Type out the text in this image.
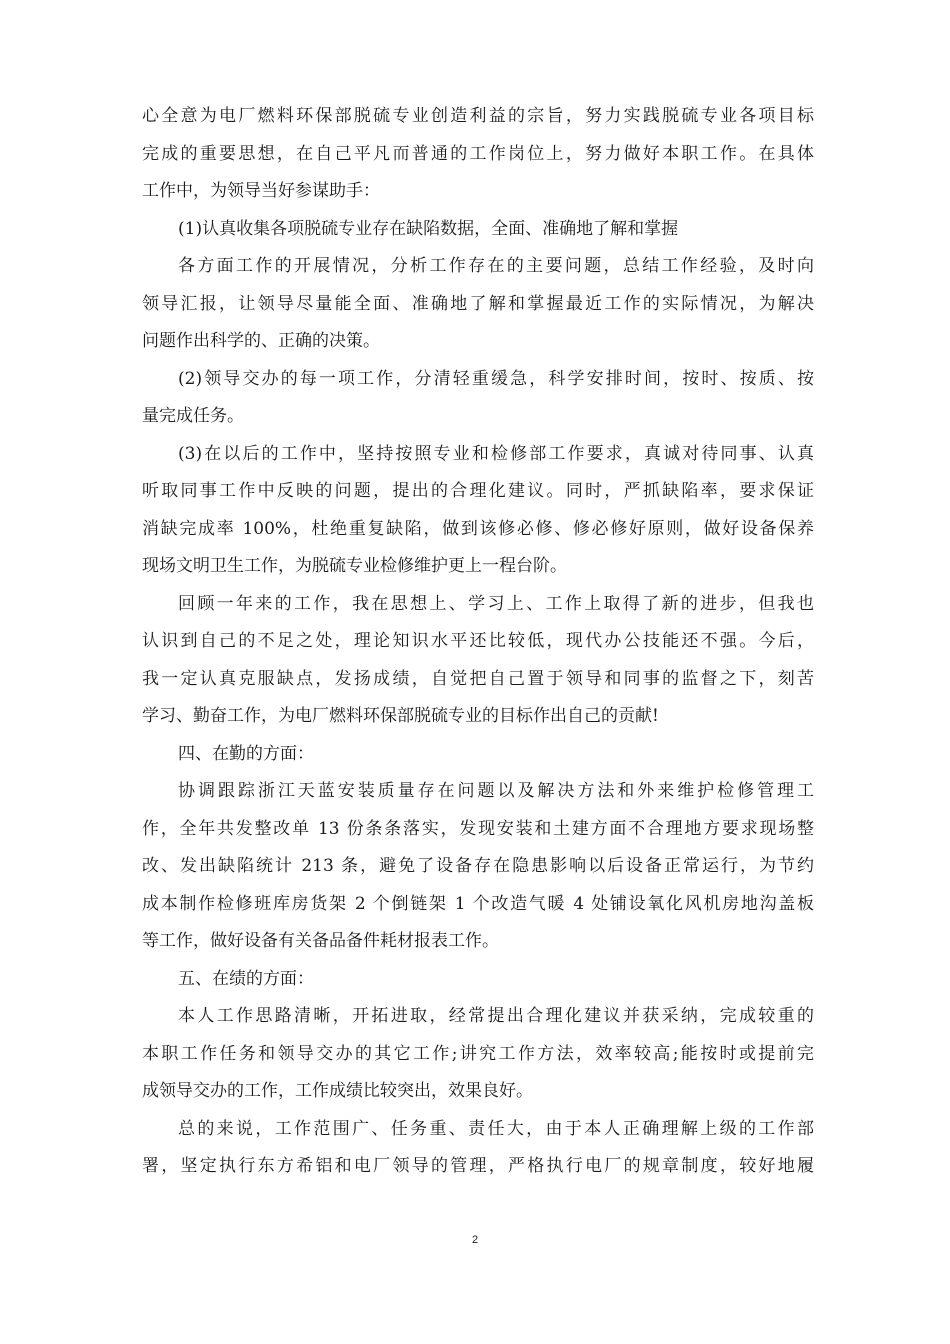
心全意为电厂燃料环保部脱硫专业创造利益的宗旨，努力实践脱硫专业各项目标
完成的重要思想，在自己平凡而普通的工作岗位上，努力做好本职工作。在具体
工作中，为领导当好参谋助手：
(1)认真收集各项脱硫专业存在缺陷数据，全面、准确地了解和掌握
各方面工作的开展情况，分析工作存在的主要问题，总结工作经验，及时向
领导汇报，让领导尽量能全面、准确地了解和掌握最近工作的实际情况，为解决
问题作出科学的、正确的决策。
(2)领导交办的每一项工作，分清轻重缓急，科学安排时间，按时、按质、按
量完成任务。
(3)在以后的工作中，坚持按照专业和检修部工作要求，真诚对待同事、认真
听取同事工作中反映的问题，提出的合理化建议。同时，严抓缺陷率，要求保证
消缺完成率 100%，杜绝重复缺陷，做到该修必修、修必修好原则，做好设备保养
现场文明卫生工作，为脱硫专业检修维护更上一程台阶。
回顾一年来的工作，我在思想上、学习上、工作上取得了新的进步，但我也
认识到自己的不足之处，理论知识水平还比较低，现代办公技能还不强。今后，
我一定认真克服缺点，发扬成绩，自觉把自己置于领导和同事的监督之下，刻苦
学习、勤奋工作，为电厂燃料环保部脱硫专业的目标作出自己的贡献!
四、在勤的方面：
协调跟踪浙江天蓝安装质量存在问题以及解决方法和外来维护检修管理工
作，全年共发整改单 13 份条条落实，发现安装和土建方面不合理地方要求现场整
改、发出缺陷统计 213 条，避免了设备存在隐患影响以后设备正常运行，为节约
成本制作检修班库房货架 2 个倒链架 1 个改造气暖 4 处铺设氧化风机房地沟盖板
等工作，做好设备有关备品备件耗材报表工作。
五、在绩的方面：
本人工作思路清晰，开拓进取，经常提出合理化建议并获采纳，完成较重的
本职工作任务和领导交办的其它工作;讲究工作方法，效率较高;能按时或提前完
成领导交办的工作，工作成绩比较突出，效果良好。
总的来说，工作范围广、任务重、责任大，由于本人正确理解上级的工作部
署，坚定执行东方希铝和电厂领导的管理，严格执行电厂的规章制度，较好地履
2
